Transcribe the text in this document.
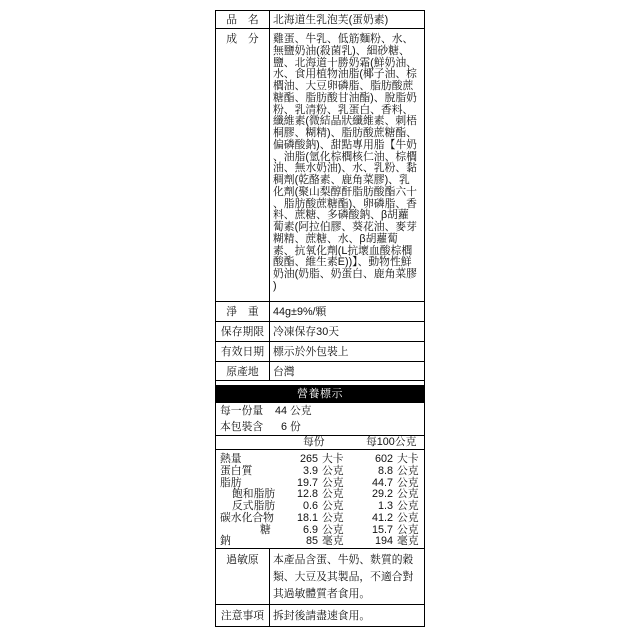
品　名	北海道生乳泡芙(蛋奶素)
成　分	雞蛋、牛乳、低筋麵粉、水、
無鹽奶油(殺菌乳)、細砂糖、
鹽、北海道十勝奶霜(鮮奶油、
水、食用植物油脂(椰子油、棕
櫚油、大豆卵磷脂、脂肪酸蔗
糖酯、脂肪酸甘油酯)、脫脂奶
粉、乳清粉、乳蛋白、香料、
纖維素(微結晶狀纖維素、刺梧
桐膠、糊精)、脂肪酸蔗糖酯、
偏磷酸鈉)、甜點專用脂【牛奶
、油脂(氫化棕櫚核仁油、棕櫚
油、無水奶油)、水、乳粉、黏
稠劑(乾酪素、鹿角菜膠)、乳
化劑(聚山梨醇酐脂肪酸酯六十
、脂肪酸蔗糖酯)、卵磷脂、香
料、蔗糖、多磷酸鈉、β胡蘿
蔔素(阿拉伯膠、葵花油、麥芽
糊精、蔗糖、水、β胡蘿蔔
素、抗氧化劑(L抗壞血酸棕櫚
酸酯、維生素E))】、動物性鮮
奶油(奶脂、奶蛋白、鹿角菜膠
)
淨　重	44g±9%/顆
保存期限 冷凍保存30天
有效日期 標示於外包裝上
原產地	台灣
營養標示
每一份量 44 公克
本包裝含 6 份
每份	每100公克
熱量	265 大卡	602 大卡
蛋白質	3.9 公克	8.8 公克
脂肪	19.7 公克	44.7 公克
飽和脂肪	12.8 公克	29.2 公克
反式脂肪	0.6 公克	1.3 公克
碳水化合物	18.1 公克	41.2 公克
糖	6.9 公克	15.7 公克
鈉	85 毫克	194 毫克
過敏原	本產品含蛋、牛奶、麩質的穀
類、大豆及其製品，不適合對
其過敏體質者食用。
注意事項 拆封後請盡速食用。
